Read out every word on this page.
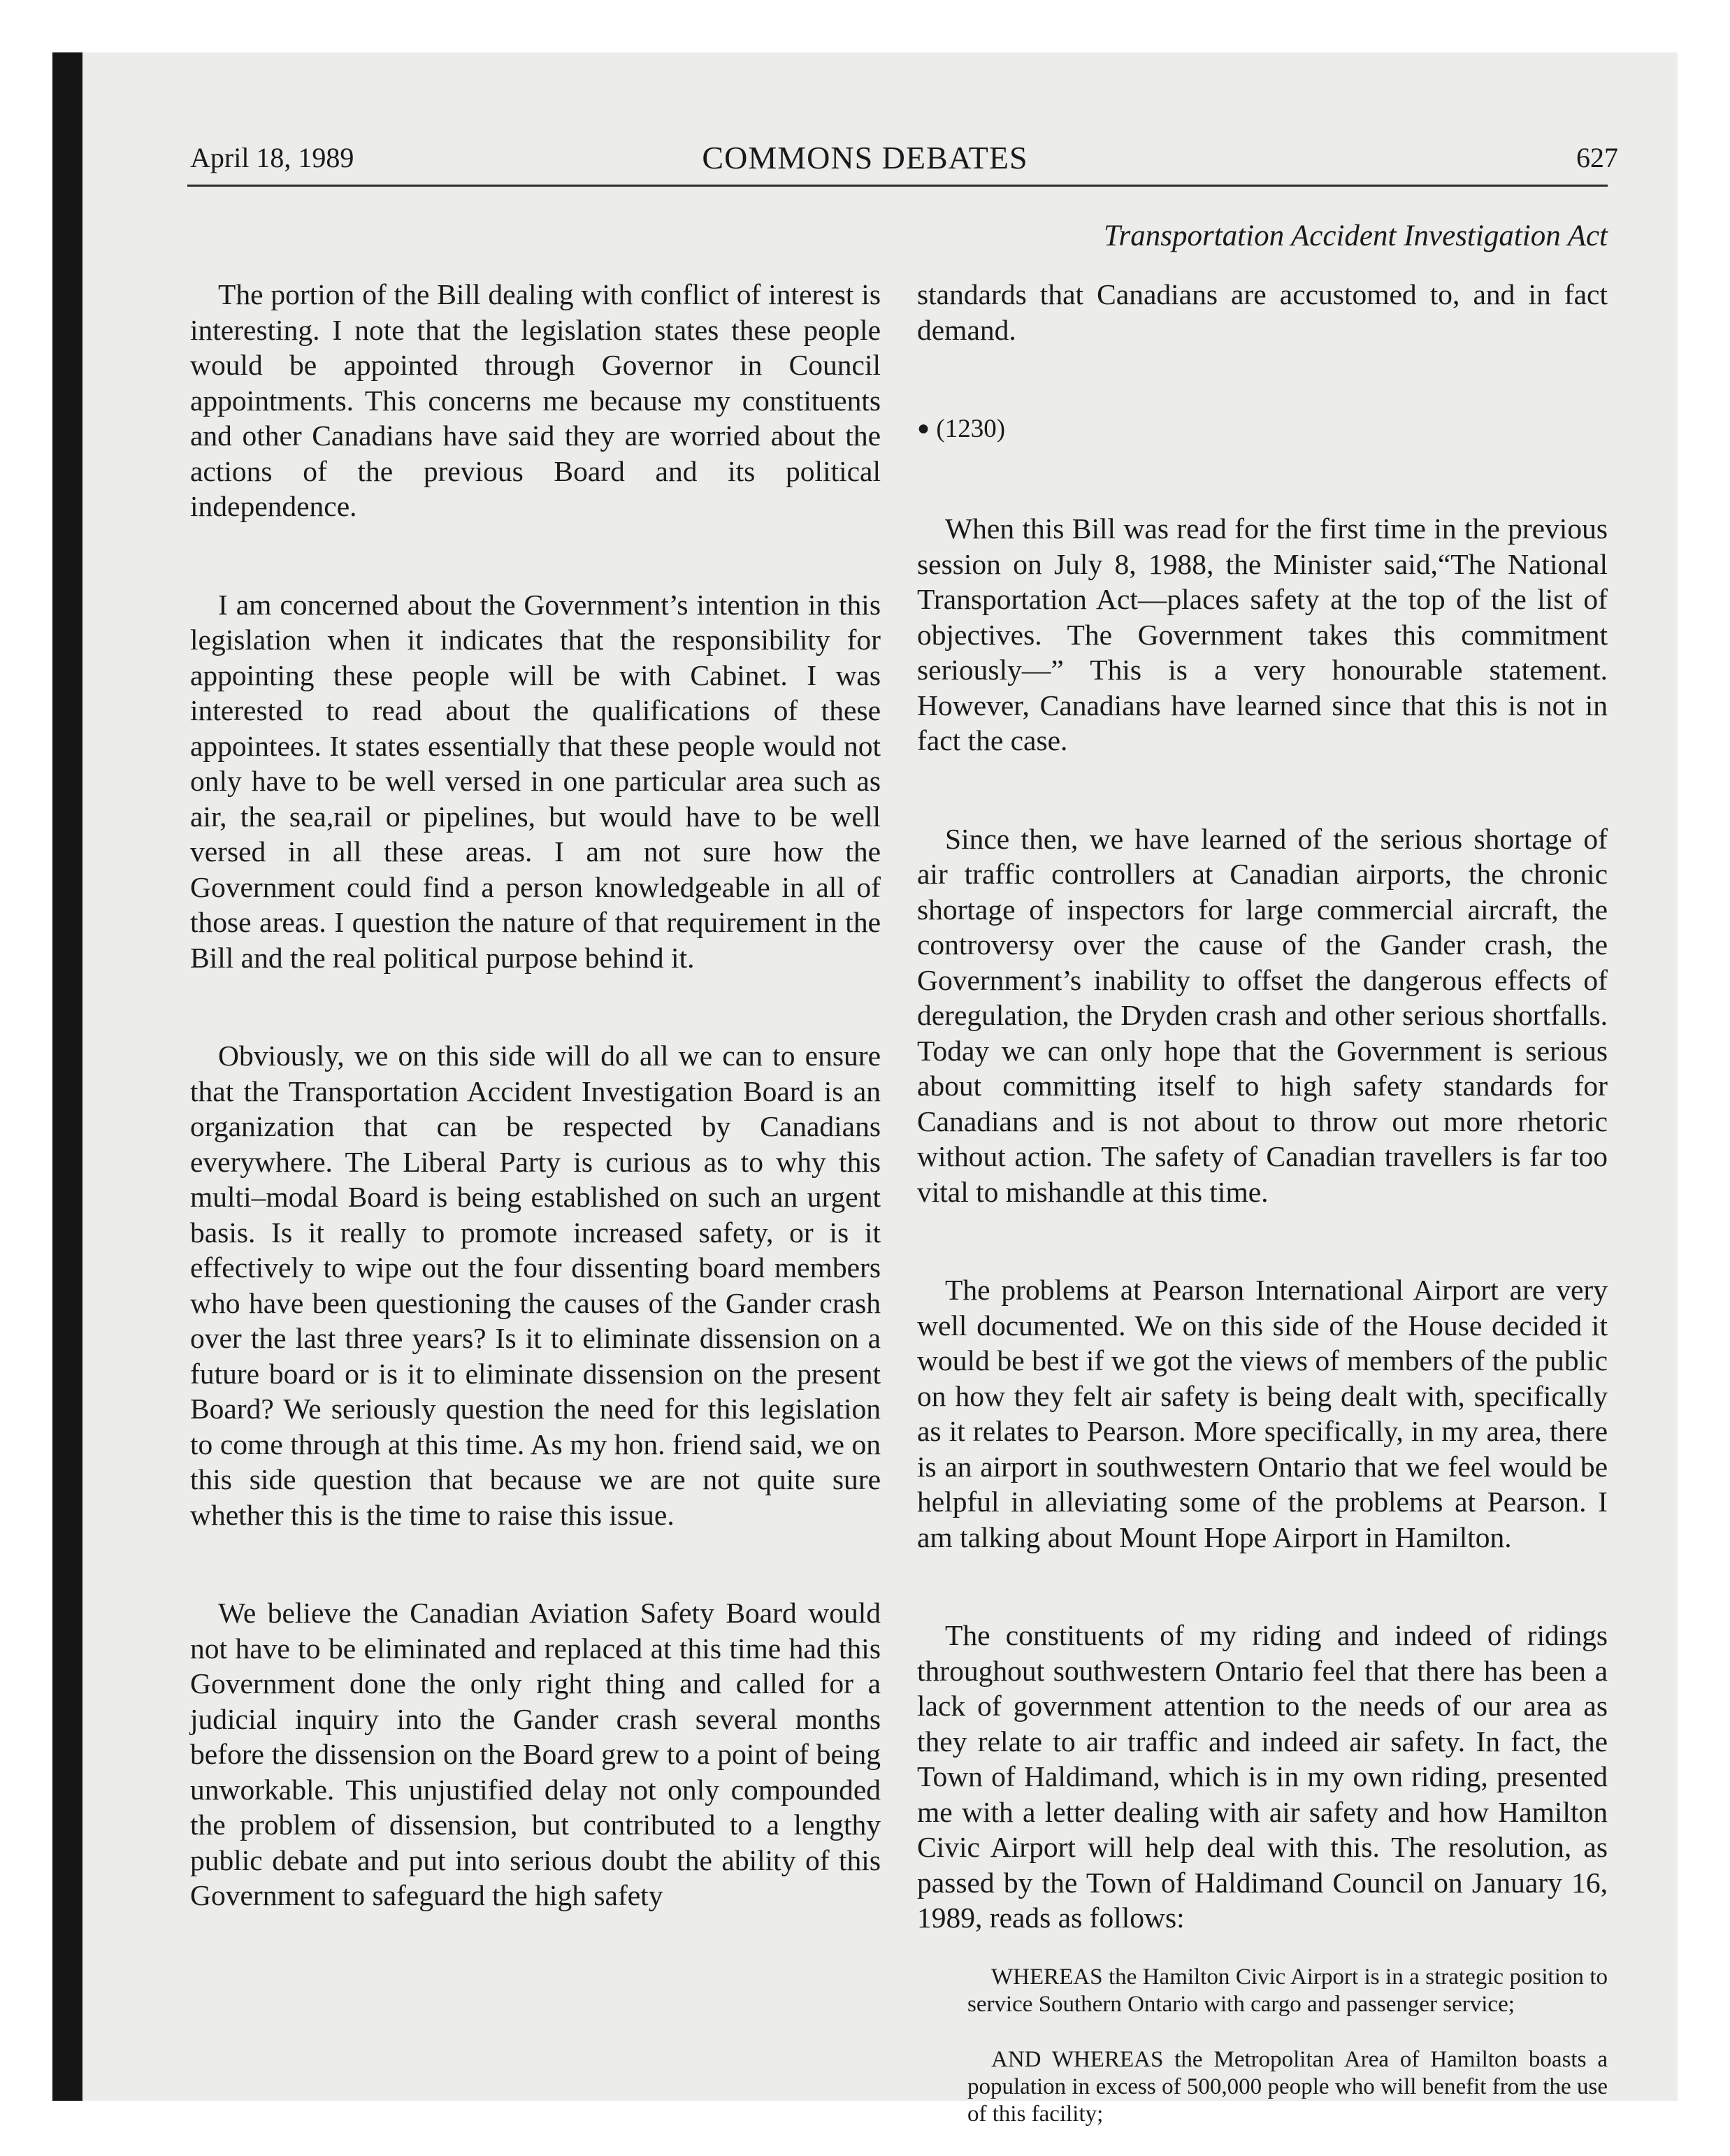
April 18, 1989	COMMONS DEBATES	627
Transportation Accident Investigation Act

The portion of the Bill dealing with conflict of interest is interesting. I note that the legislation states these people would be appointed through Governor in Council appointments. This concerns me because my constituents and other Canadians have said they are worried about the actions of the previous Board and its political independence.

I am concerned about the Government’s intention in this legislation when it indicates that the responsibility for appointing these people will be with Cabinet. I was interested to read about the qualifications of these appointees. It states essentially that these people would not only have to be well versed in one particular area such as air, the sea,rail or pipelines, but would have to be well versed in all these areas. I am not sure how the Government could find a person knowledgeable in all of those areas. I question the nature of that requirement in the Bill and the real political purpose behind it.

Obviously, we on this side will do all we can to ensure that the Transportation Accident Investigation Board is an organization that can be respected by Canadians everywhere. The Liberal Party is curious as to why this multi–modal Board is being established on such an urgent basis. Is it really to promote increased safety, or is it effectively to wipe out the four dissenting board members who have been questioning the causes of the Gander crash over the last three years? Is it to eliminate dissension on a future board or is it to eliminate dissension on the present Board? We seriously question the need for this legislation to come through at this time. As my hon. friend said, we on this side question that because we are not quite sure whether this is the time to raise this issue.

We believe the Canadian Aviation Safety Board would not have to be eliminated and replaced at this time had this Government done the only right thing and called for a judicial inquiry into the Gander crash several months before the dissension on the Board grew to a point of being unworkable. This unjustified delay not only compounded the problem of dissension, but contributed to a lengthy public debate and put into serious doubt the ability of this Government to safeguard the high safety

standards that Canadians are accustomed to, and in fact demand.

● (1230)

When this Bill was read for the first time in the previous session on July 8, 1988, the Minister said,“The National Transportation Act—places safety at the top of the list of objectives. The Government takes this commitment seriously—” This is a very honourable statement. However, Canadians have learned since that this is not in fact the case.

Since then, we have learned of the serious shortage of air traffic controllers at Canadian airports, the chronic shortage of inspectors for large commercial aircraft, the controversy over the cause of the Gander crash, the Government’s inability to offset the dangerous effects of deregulation, the Dryden crash and other serious shortfalls. Today we can only hope that the Government is serious about committing itself to high safety standards for Canadians and is not about to throw out more rhetoric without action. The safety of Canadian travellers is far too vital to mishandle at this time.

The problems at Pearson International Airport are very well documented. We on this side of the House decided it would be best if we got the views of members of the public on how they felt air safety is being dealt with, specifically as it relates to Pearson. More specifically, in my area, there is an airport in southwestern Ontario that we feel would be helpful in alleviating some of the problems at Pearson. I am talking about Mount Hope Airport in Hamilton.

The constituents of my riding and indeed of ridings throughout southwestern Ontario feel that there has been a lack of government attention to the needs of our area as they relate to air traffic and indeed air safety. In fact, the Town of Haldimand, which is in my own riding, presented me with a letter dealing with air safety and how Hamilton Civic Airport will help deal with this. The resolution, as passed by the Town of Haldimand Council on January 16, 1989, reads as follows:

WHEREAS the Hamilton Civic Airport is in a strategic position to service Southern Ontario with cargo and passenger service;
AND WHEREAS the Metropolitan Area of Hamilton boasts a population in excess of 500,000 people who will benefit from the use of this facility;
